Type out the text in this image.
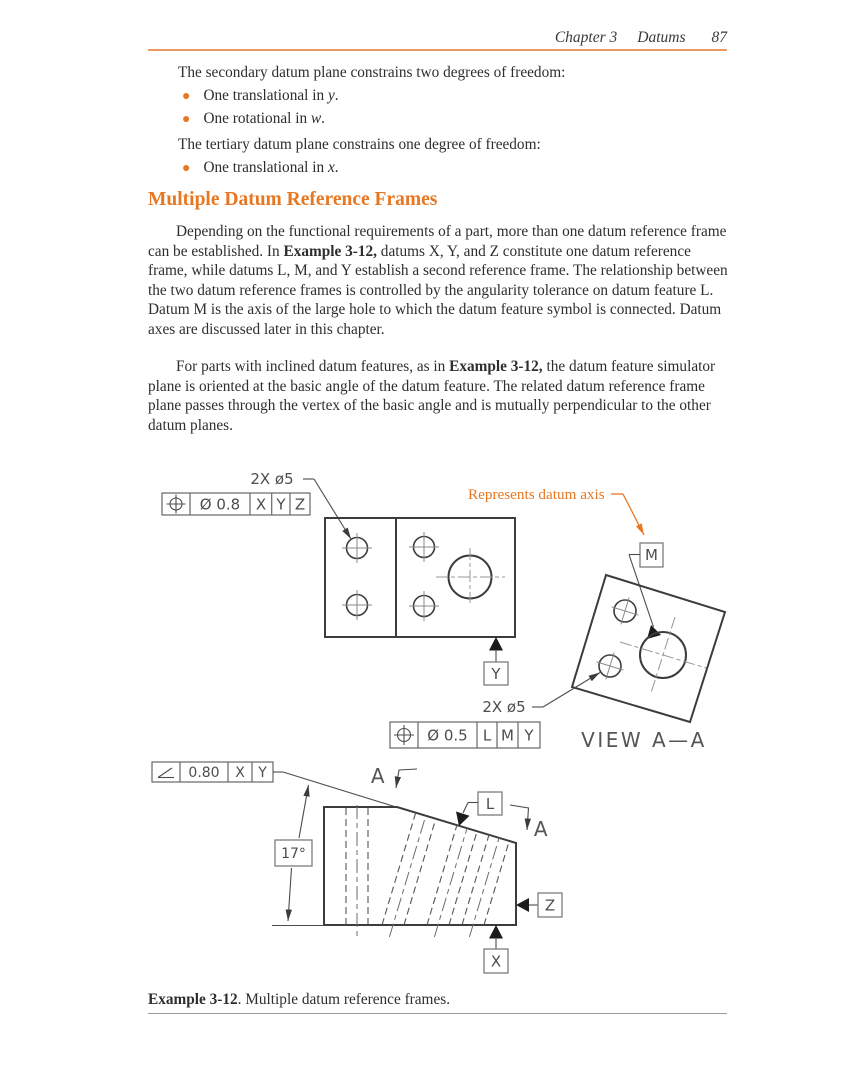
Chapter 3 Datums 87
The secondary datum plane constrains two degrees of freedom:
● One translational in y.
● One rotational in w.
The tertiary datum plane constrains one degree of freedom:
● One translational in x.
Multiple Datum Reference Frames
Depending on the functional requirements of a part, more than one datum reference frame can be established. In Example 3-12, datums X, Y, and Z constitute one datum reference frame, while datums L, M, and Y establish a second reference frame. The relationship between the two datum reference frames is controlled by the angularity tolerance on datum feature L. Datum M is the axis of the large hole to which the datum feature symbol is connected. Datum axes are discussed later in this chapter.
For parts with inclined datum features, as in Example 3-12, the datum feature simulator plane is oriented at the basic angle of the datum feature. The related datum reference frame plane passes through the vertex of the basic angle and is mutually perpendicular to the other datum planes.
Ø 0.8 X Y Z
2X ø5
Y
Represents datum axis
M
2X ø5
Ø 0.5 L M Y VIEW A—A
0.80 X Y
17°
A
A
L
Z
X
Example 3-12. Multiple datum reference frames.
